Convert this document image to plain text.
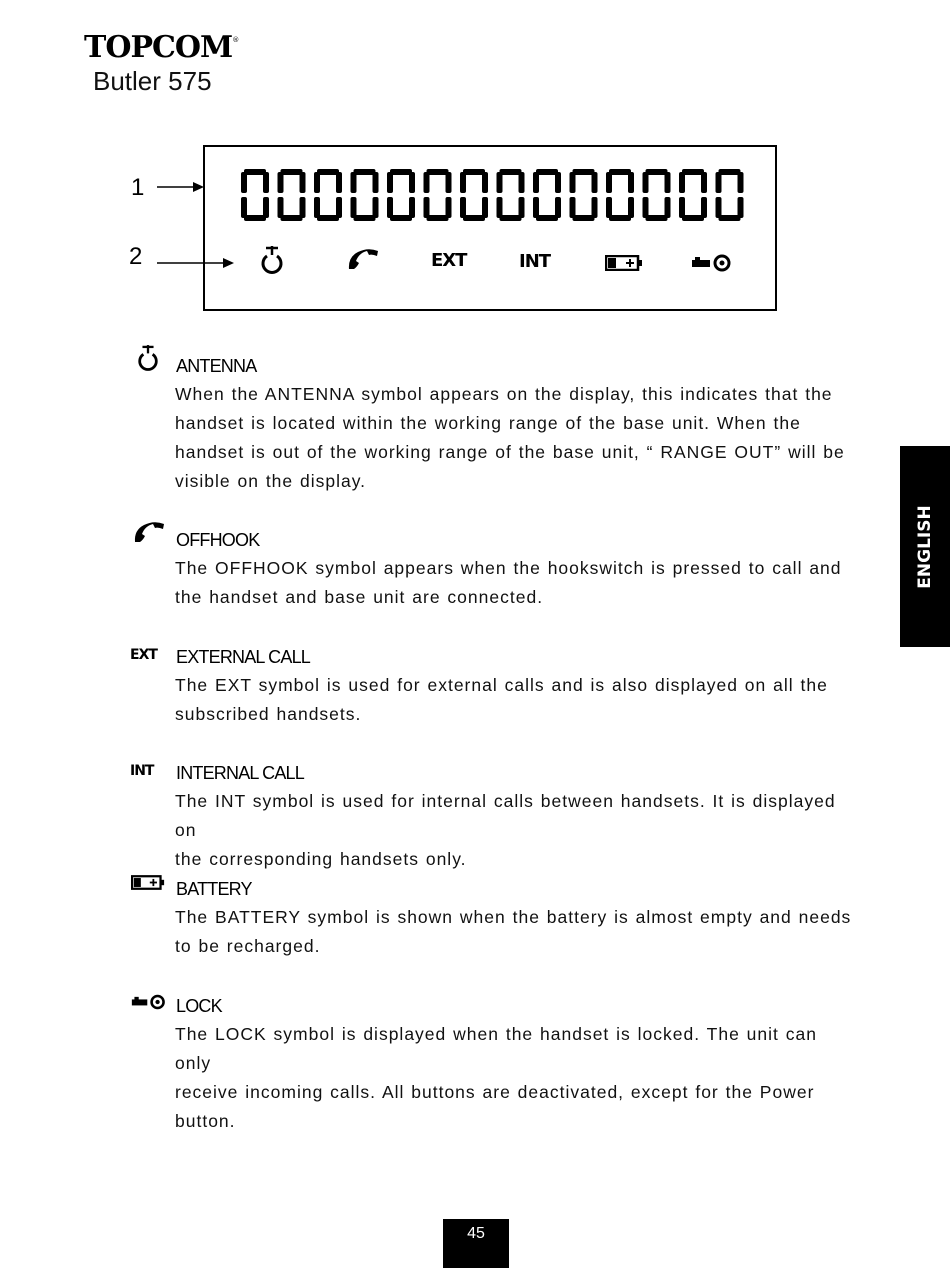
TOPCOM®
Butler 575
1
2	EXT	INT
ANTENNA
When the ANTENNA symbol appears on the display, this indicates that the
handset is located within the working range of the base unit. When the
handset is out of the working range of the base unit, “ RANGE OUT” will be
visible on the display.
OFFHOOK
The OFFHOOK symbol appears when the hookswitch is pressed to call and
the handset and base unit are connected.
EXT EXTERNAL CALL
The EXT symbol is used for external calls and is also displayed on all the
subscribed handsets.
INT INTERNAL CALL
The INT symbol is used for internal calls between handsets. It is displayed on
the corresponding handsets only.
BATTERY
The BATTERY symbol is shown when the battery is almost empty and needs
to be recharged.
LOCK
The LOCK symbol is displayed when the handset is locked. The unit can only
receive incoming calls. All buttons are deactivated, except for the Power
button.
ENGLISH
45
